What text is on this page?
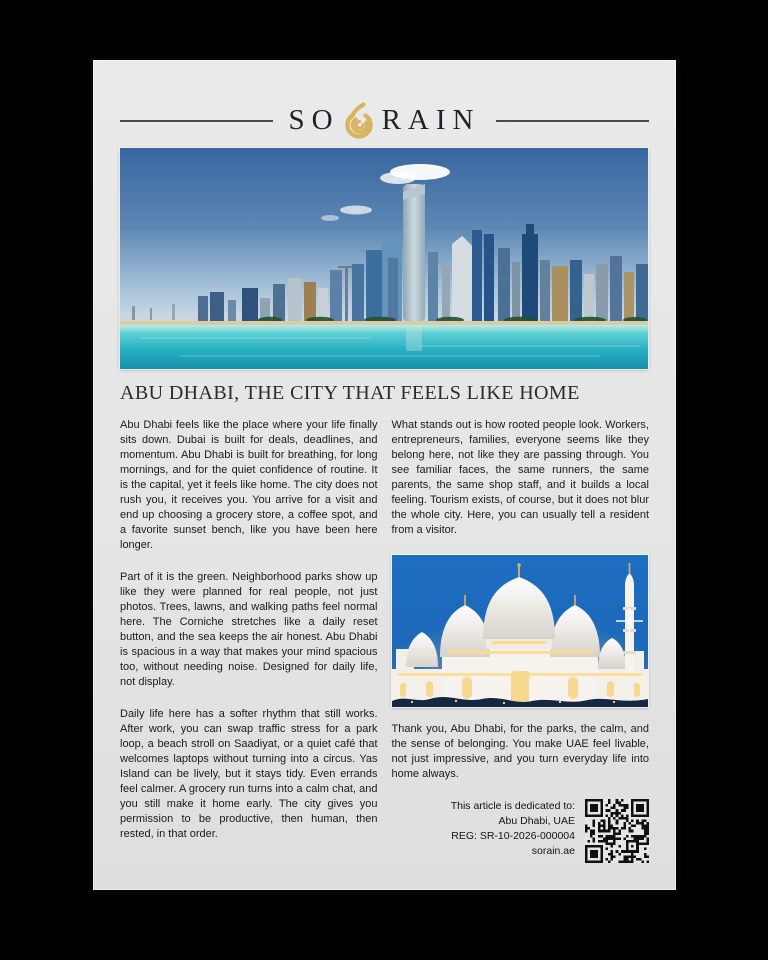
SO RAIN
ABU DHABI, THE CITY THAT FEELS LIKE HOME

Abu Dhabi feels like the place where your life finally sits down. Dubai is built for deals, deadlines, and momentum. Abu Dhabi is built for breathing, for long mornings, and for the quiet confidence of routine. It is the capital, yet it feels like home. The city does not rush you, it receives you. You arrive for a visit and end up choosing a grocery store, a coffee spot, and a favorite sunset bench, like you have been here longer.

Part of it is the green. Neighborhood parks show up like they were planned for real people, not just photos. Trees, lawns, and walking paths feel normal here. The Corniche stretches like a daily reset button, and the sea keeps the air honest. Abu Dhabi is spacious in a way that makes your mind spacious too, without needing noise. Designed for daily life, not display.

Daily life here has a softer rhythm that still works. After work, you can swap traffic stress for a park loop, a beach stroll on Saadiyat, or a quiet café that welcomes laptops without turning into a circus. Yas Island can be lively, but it stays tidy. Even errands feel calmer. A grocery run turns into a calm chat, and you still make it home early. The city gives you permission to be productive, then human, then rested, in that order.

What stands out is how rooted people look. Workers, entrepreneurs, families, everyone seems like they belong here, not like they are passing through. You see familiar faces, the same runners, the same parents, the same shop staff, and it builds a local feeling. Tourism exists, of course, but it does not blur the whole city. Here, you can usually tell a resident from a visitor.

Thank you, Abu Dhabi, for the parks, the calm, and the sense of belonging. You make UAE feel livable, not just impressive, and you turn everyday life into home always.

This article is dedicated to:
Abu Dhabi, UAE
REG: SR-10-2026-000004
sorain.ae
